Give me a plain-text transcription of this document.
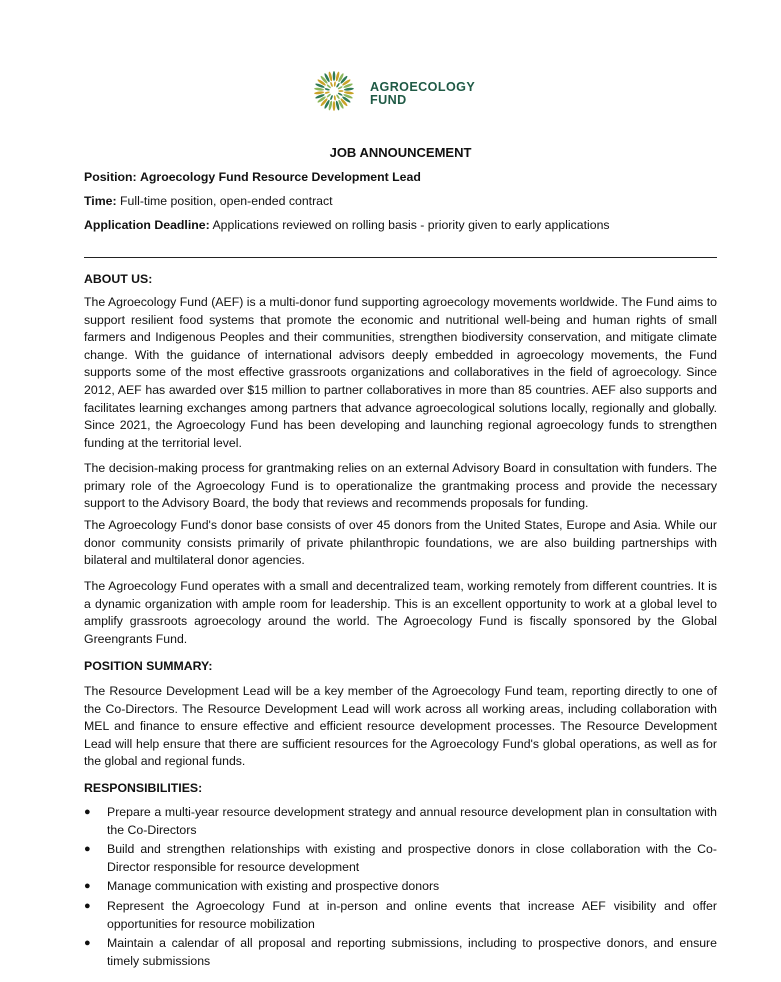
AGROECOLOGY
FUND
JOB ANNOUNCEMENT
Position: Agroecology Fund Resource Development Lead
Time: Full-time position, open-ended contract
Application Deadline: Applications reviewed on rolling basis - priority given to early applications
ABOUT US:
The Agroecology Fund (AEF) is a multi-donor fund supporting agroecology movements worldwide. The Fund aims to support resilient food systems that promote the economic and nutritional well-being and human rights of small farmers and Indigenous Peoples and their communities, strengthen biodiversity conservation, and mitigate climate change. With the guidance of international advisors deeply embedded in agroecology movements, the Fund supports some of the most effective grassroots organizations and collaboratives in the field of agroecology. Since 2012, AEF has awarded over $15 million to partner collaboratives in more than 85 countries. AEF also supports and facilitates learning exchanges among partners that advance agroecological solutions locally, regionally and globally. Since 2021, the Agroecology Fund has been developing and launching regional agroecology funds to strengthen funding at the territorial level.
The decision-making process for grantmaking relies on an external Advisory Board in consultation with funders. The primary role of the Agroecology Fund is to operationalize the grantmaking process and provide the necessary support to the Advisory Board, the body that reviews and recommends proposals for funding.
The Agroecology Fund's donor base consists of over 45 donors from the United States, Europe and Asia. While our donor community consists primarily of private philanthropic foundations, we are also building partnerships with bilateral and multilateral donor agencies.
The Agroecology Fund operates with a small and decentralized team, working remotely from different countries. It is a dynamic organization with ample room for leadership. This is an excellent opportunity to work at a global level to amplify grassroots agroecology around the world. The Agroecology Fund is fiscally sponsored by the Global Greengrants Fund.
POSITION SUMMARY:
The Resource Development Lead will be a key member of the Agroecology Fund team, reporting directly to one of the Co-Directors. The Resource Development Lead will work across all working areas, including collaboration with MEL and finance to ensure effective and efficient resource development processes. The Resource Development Lead will help ensure that there are sufficient resources for the Agroecology Fund's global operations, as well as for the global and regional funds.
RESPONSIBILITIES:
● Prepare a multi-year resource development strategy and annual resource development plan in consultation with the Co-Directors
● Build and strengthen relationships with existing and prospective donors in close collaboration with the Co-Director responsible for resource development
● Manage communication with existing and prospective donors
● Represent the Agroecology Fund at in-person and online events that increase AEF visibility and offer opportunities for resource mobilization
● Maintain a calendar of all proposal and reporting submissions, including to prospective donors, and ensure timely submissions
